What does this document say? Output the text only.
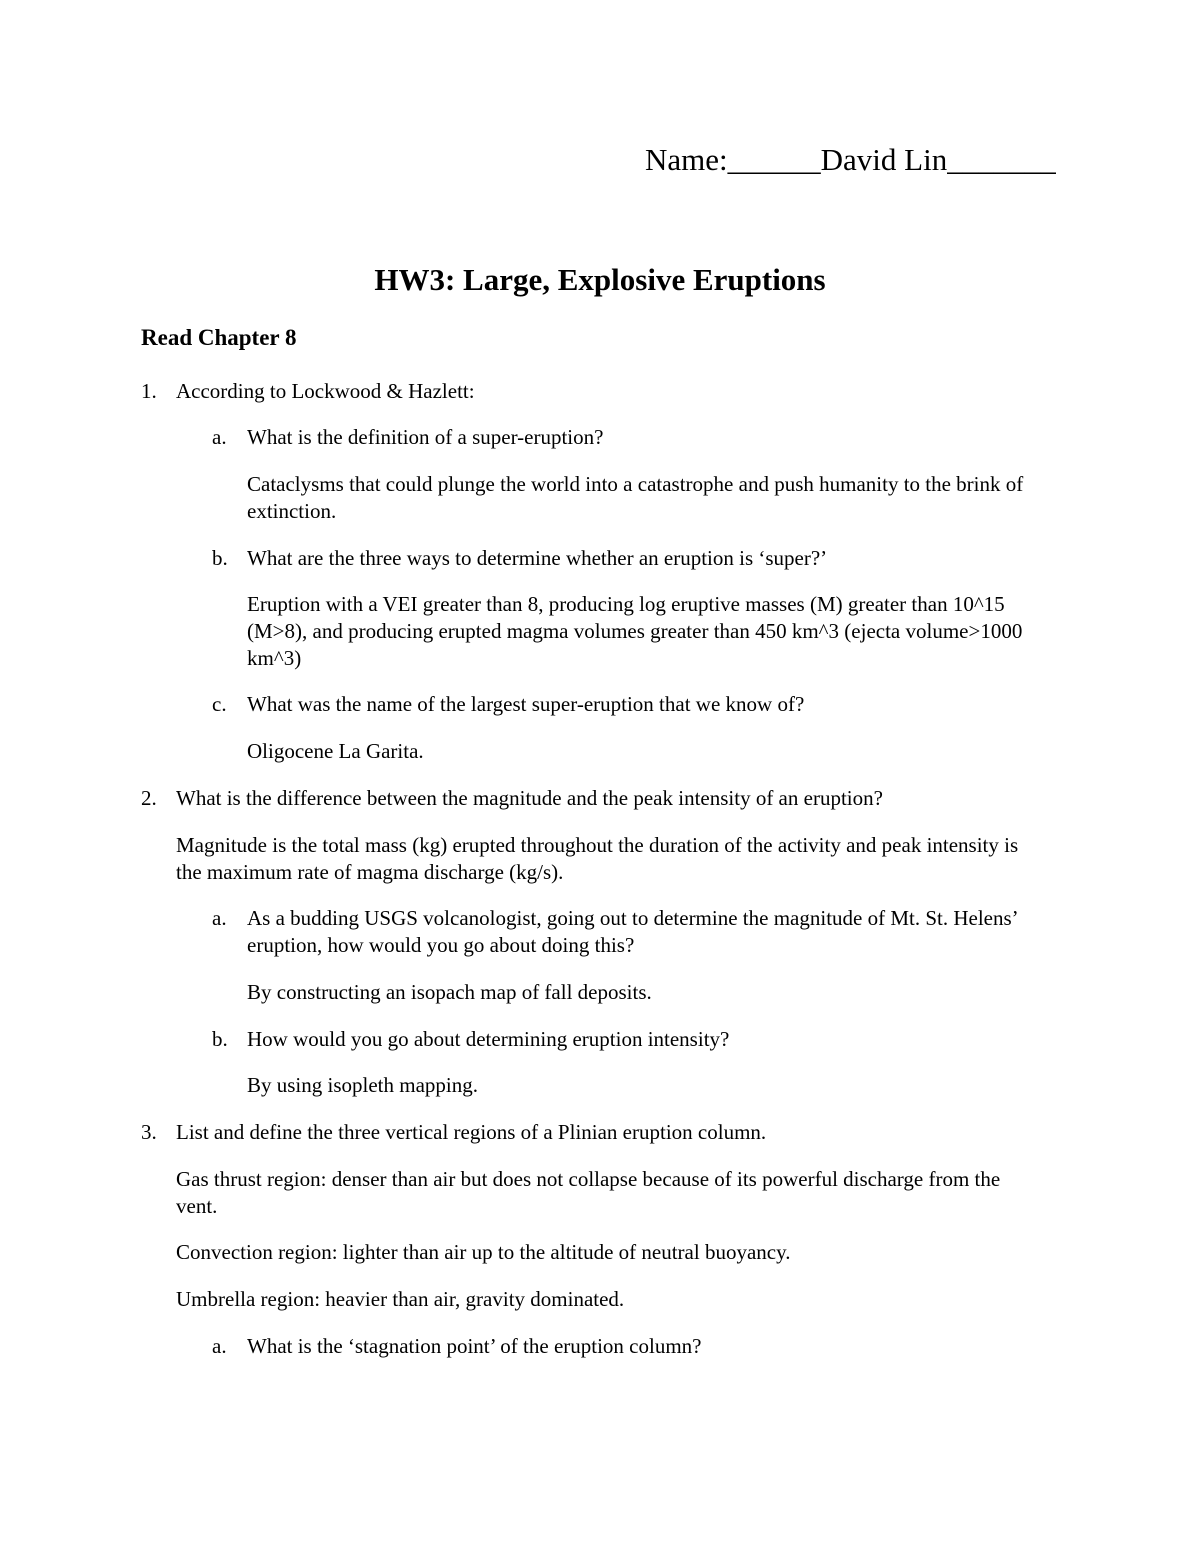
Name:______David Lin_______
HW3: Large, Explosive Eruptions
Read Chapter 8
1. According to Lockwood & Hazlett:
a. What is the definition of a super-eruption?
Cataclysms that could plunge the world into a catastrophe and push humanity to the brink of extinction.
b. What are the three ways to determine whether an eruption is ‘super?’
Eruption with a VEI greater than 8, producing log eruptive masses (M) greater than 10^15 (M>8), and producing erupted magma volumes greater than 450 km^3 (ejecta volume>1000 km^3)
c. What was the name of the largest super-eruption that we know of?
Oligocene La Garita.
2. What is the difference between the magnitude and the peak intensity of an eruption?
Magnitude is the total mass (kg) erupted throughout the duration of the activity and peak intensity is the maximum rate of magma discharge (kg/s).
a. As a budding USGS volcanologist, going out to determine the magnitude of Mt. St. Helens’ eruption, how would you go about doing this?
By constructing an isopach map of fall deposits.
b. How would you go about determining eruption intensity?
By using isopleth mapping.
3. List and define the three vertical regions of a Plinian eruption column.
Gas thrust region: denser than air but does not collapse because of its powerful discharge from the vent.
Convection region: lighter than air up to the altitude of neutral buoyancy.
Umbrella region: heavier than air, gravity dominated.
a. What is the ‘stagnation point’ of the eruption column?
